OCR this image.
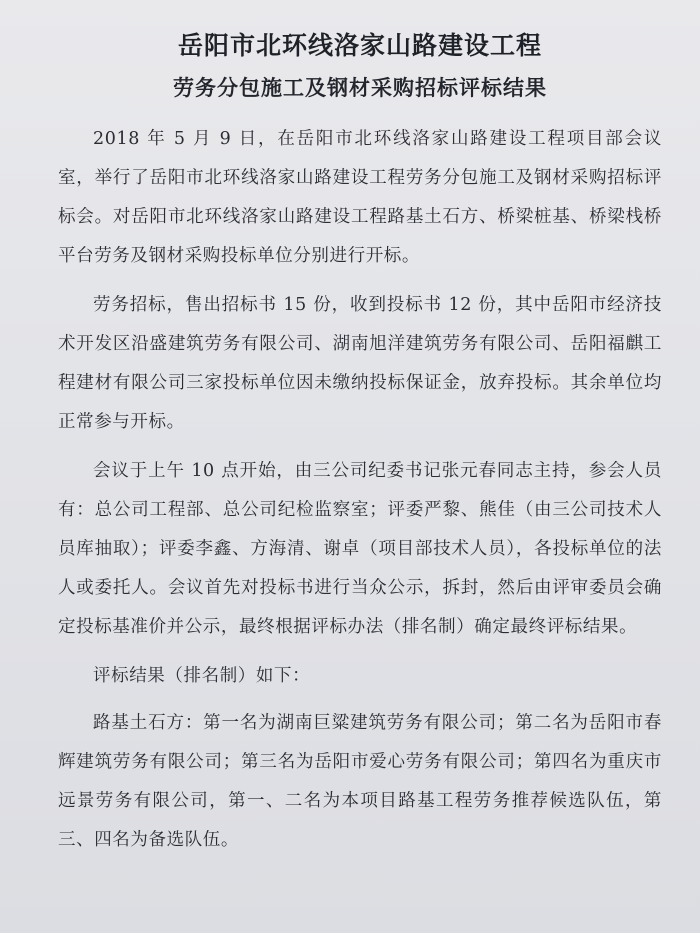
岳阳市北环线洛家山路建设工程
劳务分包施工及钢材采购招标评标结果

2018 年 5 月 9 日，在岳阳市北环线洛家山路建设工程项目部会议室，举行了岳阳市北环线洛家山路建设工程劳务分包施工及钢材采购招标评标会。对岳阳市北环线洛家山路建设工程路基土石方、桥梁桩基、桥梁栈桥平台劳务及钢材采购投标单位分别进行开标。

劳务招标，售出招标书 15 份，收到投标书 12 份，其中岳阳市经济技术开发区沿盛建筑劳务有限公司、湖南旭洋建筑劳务有限公司、岳阳福麒工程建材有限公司三家投标单位因未缴纳投标保证金，放弃投标。其余单位均正常参与开标。

会议于上午 10 点开始，由三公司纪委书记张元春同志主持，参会人员有：总公司工程部、总公司纪检监察室；评委严黎、熊佳（由三公司技术人员库抽取）；评委李鑫、方海清、谢卓（项目部技术人员），各投标单位的法人或委托人。会议首先对投标书进行当众公示，拆封，然后由评审委员会确定投标基准价并公示，最终根据评标办法（排名制）确定最终评标结果。

评标结果（排名制）如下：

路基土石方：第一名为湖南巨粱建筑劳务有限公司；第二名为岳阳市春辉建筑劳务有限公司；第三名为岳阳市爱心劳务有限公司；第四名为重庆市远景劳务有限公司，第一、二名为本项目路基工程劳务推荐候选队伍，第三、四名为备选队伍。
